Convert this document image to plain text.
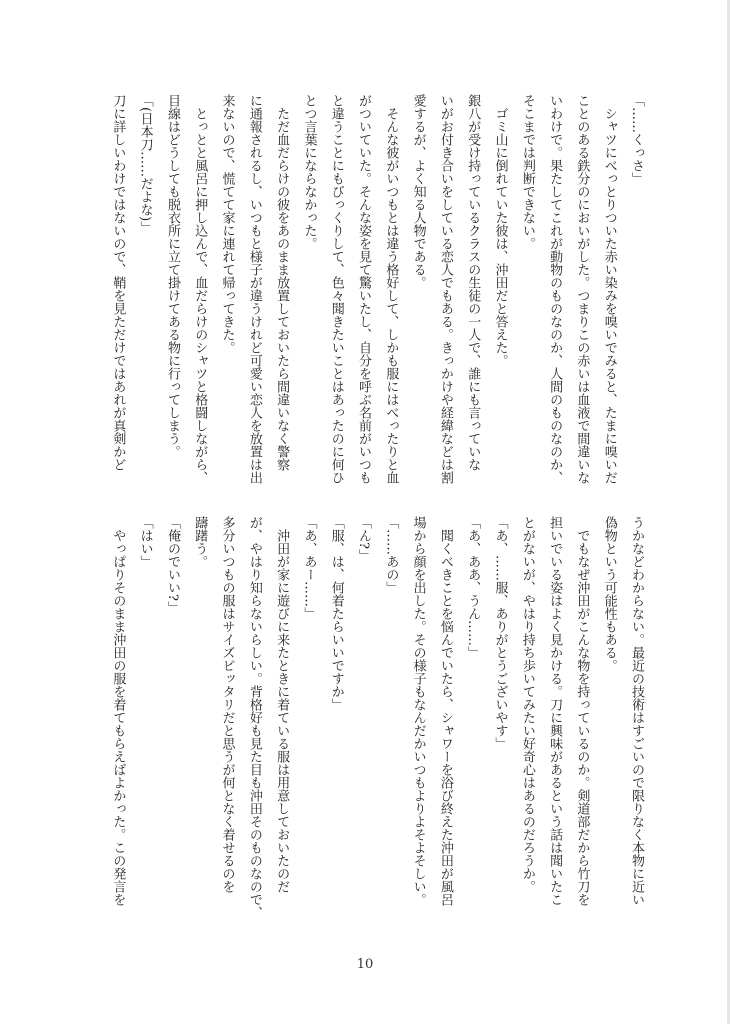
「……くっさ」
　シャツにべっとりついた赤い染みを嗅いでみると、たまに嗅いだ
ことのある鉄分のにおいがした。つまりこの赤いは血液で間違いな
いわけで。果たしてこれが動物のものなのか、人間のものなのか、
そこまでは判断できない。
　ゴミ山に倒れていた彼は、沖田だと答えた。
銀八が受け持っているクラスの生徒の一人で、誰にも言っていな
いがお付き合いをしている恋人でもある。きっかけや経緯などは割
愛するが、よく知る人物である。
　そんな彼がいつもとは違う格好して、しかも服にはべったりと血
がついていた。そんな姿を見て驚いたし、自分を呼ぶ名前がいつも
と違うことにもびっくりして、色々聞きたいことはあったのに何ひ
とつ言葉にならなかった。
　ただ血だらけの彼をあのまま放置しておいたら間違いなく警察
に通報されるし、いつもと様子が違うけれど可愛い恋人を放置は出
来ないので、慌てて家に連れて帰ってきた。
　とっとと風呂に押し込んで、血だらけのシャツと格闘しながら、
目線はどうしても脱衣所に立て掛けてある物に行ってしまう。
「(日本刀……だよな)」
刀に詳しいわけではないので、鞘を見ただけではあれが真剣かど
うかなどわからない。最近の技術はすごいので限りなく本物に近い
偽物という可能性もある。
　でもなぜ沖田がこんな物を持っているのか。剣道部だから竹刀を
担いでいる姿はよく見かける。刀に興味があるという話は聞いたこ
とがないが、やはり持ち歩いてみたい好奇心はあるのだろうか。
「あ、……服、ありがとうございやす」
「あ、ああ、うん……」
　聞くべきことを悩んでいたら、シャワーを浴び終えた沖田が風呂
場から顔を出した。その様子もなんだかいつもよりよそよそしい。
「……あの」
「ん?」
「服、は、何着たらいいですか」
「あ、あー……」
　沖田が家に遊びに来たときに着ている服は用意しておいたのだ
が、やはり知らないらしい。背格好も見た目も沖田そのものなので、
多分いつもの服はサイズピッタリだと思うが何となく着せるのを
躊躇う。
「俺のでいい?」
「はい」
　やっぱりそのまま沖田の服を着てもらえばよかった。この発言を
10
